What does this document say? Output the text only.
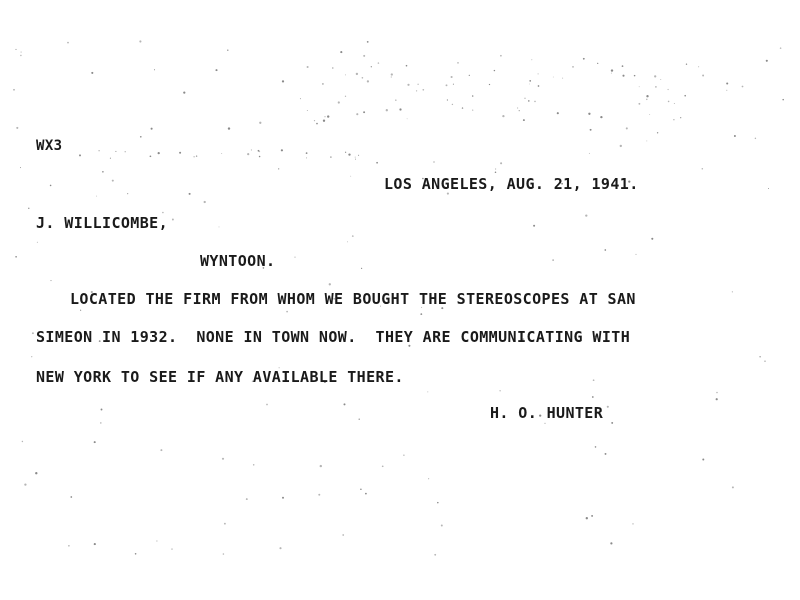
WX3
LOS ANGELES, AUG. 21, 1941.
J. WILLICOMBE,
WYNTOON.
LOCATED THE FIRM FROM WHOM WE BOUGHT THE STEREOSCOPES AT SAN
SIMEON IN 1932.  NONE IN TOWN NOW.  THEY ARE COMMUNICATING WITH
NEW YORK TO SEE IF ANY AVAILABLE THERE.
H. O. HUNTER
